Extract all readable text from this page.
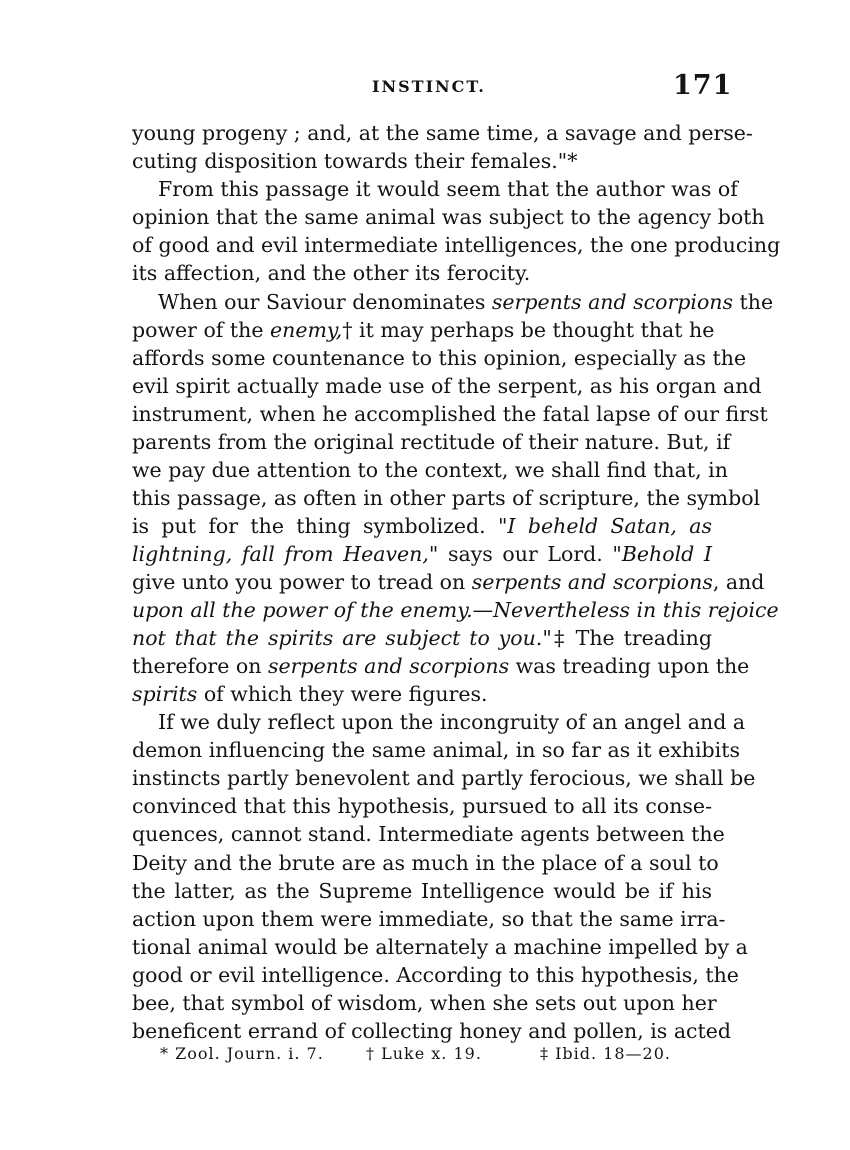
INSTINCT.	171
young progeny ; and, at the same time, a savage and perse-
cuting disposition towards their females."*
From this passage it would seem that the author was of
opinion that the same animal was subject to the agency both
of good and evil intermediate intelligences, the one producing
its affection, and the other its ferocity.
When our Saviour denominates serpents and scorpions the
power of the enemy,† it may perhaps be thought that he
affords some countenance to this opinion, especially as the
evil spirit actually made use of the serpent, as his organ and
instrument, when he accomplished the fatal lapse of our first
parents from the original rectitude of their nature. But, if
we pay due attention to the context, we shall find that, in
this passage, as often in other parts of scripture, the symbol
is put for the thing symbolized. "I beheld Satan, as
lightning, fall from Heaven," says our Lord. "Behold I
give unto you power to tread on serpents and scorpions, and
upon all the power of the enemy.—Nevertheless in this rejoice
not that the spirits are subject to you."‡ The treading
therefore on serpents and scorpions was treading upon the
spirits of which they were figures.
If we duly reflect upon the incongruity of an angel and a
demon influencing the same animal, in so far as it exhibits
instincts partly benevolent and partly ferocious, we shall be
convinced that this hypothesis, pursued to all its conse-
quences, cannot stand. Intermediate agents between the
Deity and the brute are as much in the place of a soul to
the latter, as the Supreme Intelligence would be if his
action upon them were immediate, so that the same irra-
tional animal would be alternately a machine impelled by a
good or evil intelligence. According to this hypothesis, the
bee, that symbol of wisdom, when she sets out upon her
beneficent errand of collecting honey and pollen, is acted
* Zool. Journ. i. 7.	† Luke x. 19.	‡ Ibid. 18—20.
